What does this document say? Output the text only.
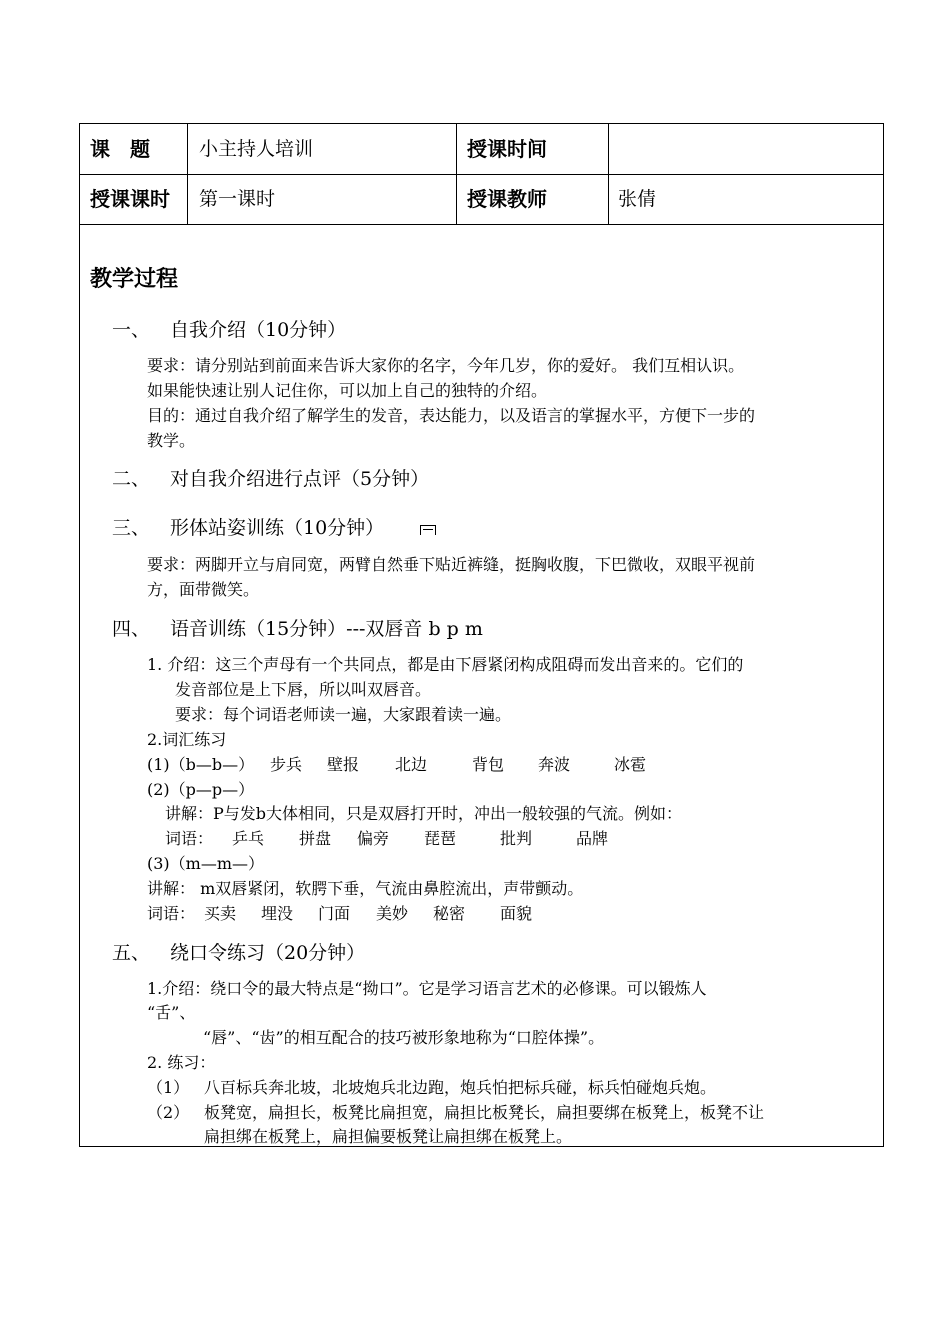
课　题	小主持人培训	授课时间
授课课时 第一课时	授课教师	张倩
教学过程
一、 自我介绍（10分钟）
要求：请分别站到前面来告诉大家你的名字，今年几岁，你的爱好。 我们互相认识。
如果能快速让别人记住你，可以加上自己的独特的介绍。
目的：通过自我介绍了解学生的发音，表达能力，以及语言的掌握水平，方便下一步的
教学。
二、 对自我介绍进行点评（5分钟）
三、 形体站姿训练（10分钟）
要求：两脚开立与肩同宽，两臂自然垂下贴近裤缝，挺胸收腹，下巴微收，双眼平视前
方，面带微笑。
四、 语音训练（15分钟）---双唇音 b p m
1. 介绍：这三个声母有一个共同点，都是由下唇紧闭构成阻碍而发出音来的。它们的
发音部位是上下唇，所以叫双唇音。
要求：每个词语老师读一遍，大家跟着读一遍。
2.词汇练习
(1)（b—b—） 步兵 壁报 北边	背包 奔波	冰雹
(2)（p—p—）
讲解：P与发b大体相同，只是双唇打开时，冲出一般较强的气流。例如：
词语： 乒乓 拼盘 偏旁 琵琶	批判	品牌
(3)（m—m—）
讲解： m双唇紧闭，软腭下垂，气流由鼻腔流出，声带颤动。
词语： 买卖 埋没 门面 美妙 秘密 面貌
五、 绕口令练习（20分钟）
1.介绍：绕口令的最大特点是“拗口”。它是学习语言艺术的必修课。可以锻炼人
“舌”、
“唇”、“齿”的相互配合的技巧被形象地称为“口腔体操”。
2. 练习：
（1） 八百标兵奔北坡，北坡炮兵北边跑，炮兵怕把标兵碰，标兵怕碰炮兵炮。
（2） 板凳宽，扁担长，板凳比扁担宽，扁担比板凳长，扁担要绑在板凳上，板凳不让
扁担绑在板凳上，扁担偏要板凳让扁担绑在板凳上。
